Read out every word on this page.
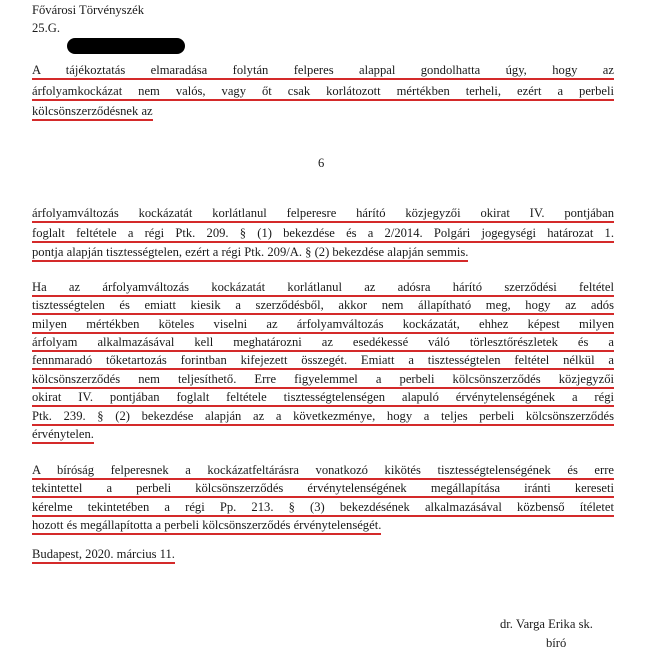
Fővárosi Törvényszék
25.G.
A tájékoztatás elmaradása folytán felperes alappal gondolhatta úgy, hogy az
árfolyamkockázat nem valós, vagy őt csak korlátozott mértékben terheli, ezért a perbeli
kölcsönszerződésnek az
6
árfolyamváltozás kockázatát korlátlanul felperesre hárító közjegyzői okirat IV. pontjában
foglalt feltétele a régi Ptk. 209. § (1) bekezdése és a 2/2014. Polgári jogegységi határozat 1.
pontja alapján tisztességtelen, ezért a régi Ptk. 209/A. § (2) bekezdése alapján semmis.
Ha az árfolyamváltozás kockázatát korlátlanul az adósra hárító szerződési feltétel
tisztességtelen és emiatt kiesik a szerződésből, akkor nem állapítható meg, hogy az adós
milyen mértékben köteles viselni az árfolyamváltozás kockázatát, ehhez képest milyen
árfolyam alkalmazásával kell meghatározni az esedékessé váló törlesztőrészletek és a
fennmaradó tőketartozás forintban kifejezett összegét. Emiatt a tisztességtelen feltétel nélkül a
kölcsönszerződés nem teljesíthető. Erre figyelemmel a perbeli kölcsönszerződés közjegyzői
okirat IV. pontjában foglalt feltétele tisztességtelenségen alapuló érvénytelenségének a régi
Ptk. 239. § (2) bekezdése alapján az a következménye, hogy a teljes perbeli kölcsönszerződés
érvénytelen.
A bíróság felperesnek a kockázatfeltárásra vonatkozó kikötés tisztességtelenségének és erre
tekintettel a perbeli kölcsönszerződés érvénytelenségének megállapítása iránti kereseti
kérelme tekintetében a régi Pp. 213. § (3) bekezdésének alkalmazásával közbenső ítéletet
hozott és megállapította a perbeli kölcsönszerződés érvénytelenségét.
Budapest, 2020. március 11.
dr. Varga Erika sk.
bíró
